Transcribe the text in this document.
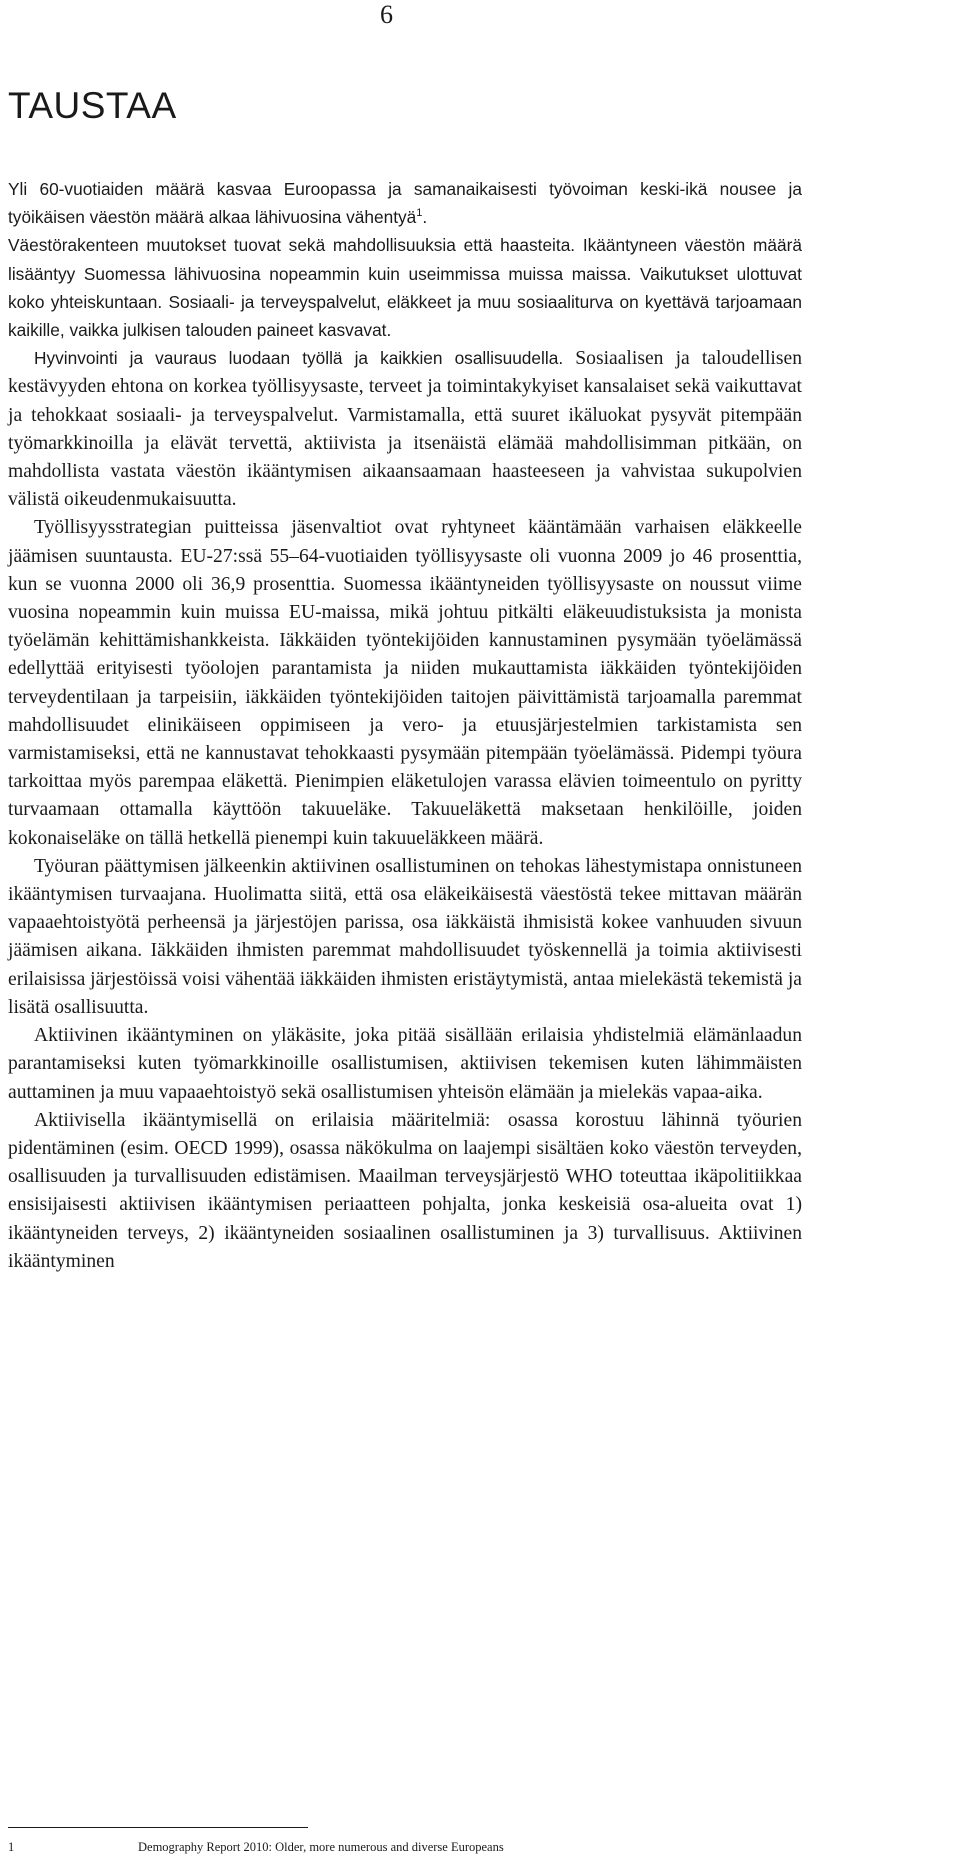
6
TAUSTAA

Yli 60-vuotiaiden määrä kasvaa Euroopassa ja samanaikaisesti työvoiman keski-ikä nousee ja työikäisen väestön määrä alkaa lähivuosina vähentyä$^1$.
Väestörakenteen muutokset tuovat sekä mahdollisuuksia että haasteita. Ikääntyneen väestön määrä lisääntyy Suomessa lähivuosina nopeammin kuin useimmissa muissa maissa. Vaikutukset ulottuvat koko yhteiskuntaan. Sosiaali- ja terveyspalvelut, eläkkeet ja muu sosiaaliturva on kyettävä tarjoamaan kaikille, vaikka julkisen talouden paineet kasvavat.

Hyvinvointi ja vauraus luodaan työllä ja kaikkien osallisuudella. Sosiaalisen ja taloudellisen kestävyyden ehtona on korkea työllisyysaste, terveet ja toimintakykyiset kansalaiset sekä vaikuttavat ja tehokkaat sosiaali- ja terveyspalvelut. Varmistamalla, että suuret ikäluokat pysyvät pitempään työmarkkinoilla ja elävät tervettä, aktiivista ja itsenäistä elämää mahdollisimman pitkään, on mahdollista vastata väestön ikääntymisen aikaansaamaan haasteeseen ja vahvistaa sukupolvien välistä oikeudenmukaisuutta.

Työllisyysstrategian puitteissa jäsenvaltiot ovat ryhtyneet kääntämään varhaisen eläkkeelle jäämisen suuntausta. EU-27:ssä 55–64-vuotiaiden työllisyysaste oli vuonna 2009 jo 46 prosenttia, kun se vuonna 2000 oli 36,9 prosenttia. Suomessa ikääntyneiden työllisyysaste on noussut viime vuosina nopeammin kuin muissa EU-maissa, mikä johtuu pitkälti eläkeuudistuksista ja monista työelämän kehittämishankkeista. Iäkkäiden työntekijöiden kannustaminen pysymään työelämässä edellyttää erityisesti työolojen parantamista ja niiden mukauttamista iäkkäiden työntekijöiden terveydentilaan ja tarpeisiin, iäkkäiden työntekijöiden taitojen päivittämistä tarjoamalla paremmat mahdollisuudet elinikäiseen oppimiseen ja vero- ja etuusjärjestelmien tarkistamista sen varmistamiseksi, että ne kannustavat tehokkaasti pysymään pitempään työelämässä. Pidempi työura tarkoittaa myös parempaa eläkettä. Pienimpien eläketulojen varassa elävien toimeentulo on pyritty turvaamaan ottamalla käyttöön takuueläke. Takuueläkettä maksetaan henkilöille, joiden kokonaiseläke on tällä hetkellä pienempi kuin takuueläkkeen määrä.

Työuran päättymisen jälkeenkin aktiivinen osallistuminen on tehokas lähestymistapa onnistuneen ikääntymisen turvaajana. Huolimatta siitä, että osa eläkeikäisestä väestöstä tekee mittavan määrän vapaaehtoistyötä perheensä ja järjestöjen parissa, osa iäkkäistä ihmisistä kokee vanhuuden sivuun jäämisen aikana. Iäkkäiden ihmisten paremmat mahdollisuudet työskennellä ja toimia aktiivisesti erilaisissa järjestöissä voisi vähentää iäkkäiden ihmisten eristäytymistä, antaa mielekästä tekemistä ja lisätä osallisuutta.

Aktiivinen ikääntyminen on yläkäsite, joka pitää sisällään erilaisia yhdistelmiä elämänlaadun parantamiseksi kuten työmarkkinoille osallistumisen, aktiivisen tekemisen kuten lähimmäisten auttaminen ja muu vapaaehtoistyö sekä osallistumisen yhteisön elämään ja mielekäs vapaa-aika.

Aktiivisella ikääntymisellä on erilaisia määritelmiä: osassa korostuu lähinnä työurien pidentäminen (esim. OECD 1999), osassa näkökulma on laajempi sisältäen koko väestön terveyden, osallisuuden ja turvallisuuden edistämisen. Maailman terveysjärjestö WHO toteuttaa ikäpolitiikkaa ensisijaisesti aktiivisen ikääntymisen periaatteen pohjalta, jonka keskeisiä osa-alueita ovat 1) ikääntyneiden terveys, 2) ikääntyneiden sosiaalinen osallistuminen ja 3) turvallisuus. Aktiivinen ikääntyminen

1	Demography Report 2010: Older, more numerous and diverse Europeans
